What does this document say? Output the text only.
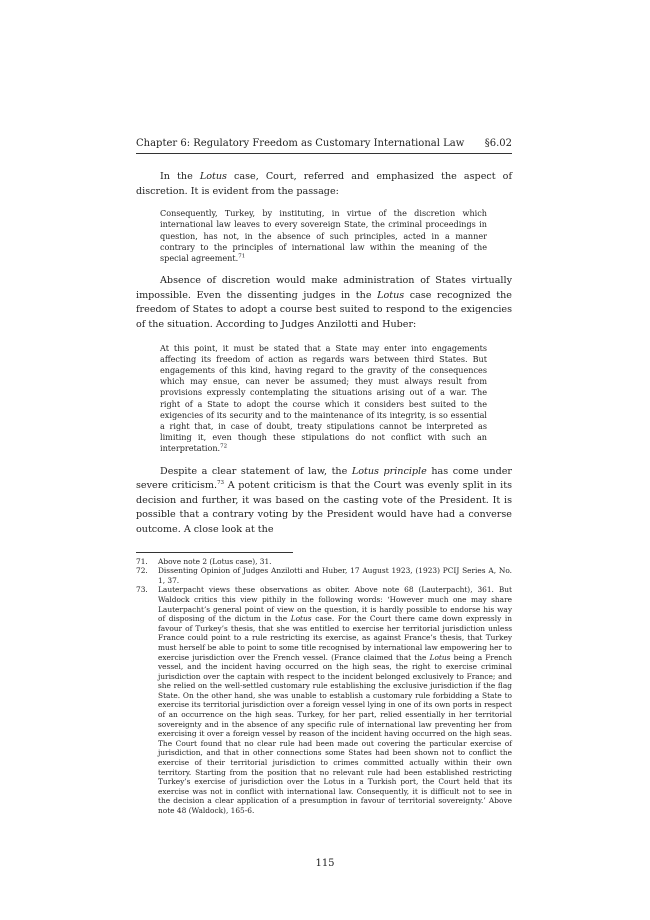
Chapter 6: Regulatory Freedom as Customary International Law §6.02

In the Lotus case, Court, referred and emphasized the aspect of discretion. It is evident from the passage:

Consequently, Turkey, by instituting, in virtue of the discretion which international law leaves to every sovereign State, the criminal proceedings in question, has not, in the absence of such principles, acted in a manner contrary to the principles of international law within the meaning of the special agreement.$^{71}$

Absence of discretion would make administration of States virtually impossible. Even the dissenting judges in the Lotus case recognized the freedom of States to adopt a course best suited to respond to the exigencies of the situation. According to Judges Anzilotti and Huber:

At this point, it must be stated that a State may enter into engagements affecting its freedom of action as regards wars between third States. But engagements of this kind, having regard to the gravity of the consequences which may ensue, can never be assumed; they must always result from provisions expressly contemplating the situations arising out of a war. The right of a State to adopt the course which it considers best suited to the exigencies of its security and to the maintenance of its integrity, is so essential a right that, in case of doubt, treaty stipulations cannot be interpreted as limiting it, even though these stipulations do not conflict with such an interpretation.$^{72}$

Despite a clear statement of law, the Lotus principle has come under severe criticism.$^{73}$ A potent criticism is that the Court was evenly split in its decision and further, it was based on the casting vote of the President. It is possible that a contrary voting by the President would have had a converse outcome. A close look at the

71.	Above note 2 (Lotus case), 31.
72.	Dissenting Opinion of Judges Anzilotti and Huber, 17 August 1923, (1923) PCIJ Series A, No. 1, 37.
73.	Lauterpacht views these observations as obiter. Above note 68 (Lauterpacht), 361. But Waldock critics this view pithily in the following words: ‘However much one may share Lauterpacht’s general point of view on the question, it is hardly possible to endorse his way of disposing of the dictum in the Lotus case. For the Court there came down expressly in favour of Turkey’s thesis, that she was entitled to exercise her territorial jurisdiction unless France could point to a rule restricting its exercise, as against France’s thesis, that Turkey must herself be able to point to some title recognised by international law empowering her to exercise jurisdiction over the French vessel. (France claimed that the Lotus being a French vessel, and the incident having occurred on the high seas, the right to exercise criminal jurisdiction over the captain with respect to the incident belonged exclusively to France; and she relied on the well-settled customary rule establishing the exclusive jurisdiction if the flag State. On the other hand, she was unable to establish a customary rule forbidding a State to exercise its territorial jurisdiction over a foreign vessel lying in one of its own ports in respect of an occurrence on the high seas. Turkey, for her part, relied essentially in her territorial sovereignty and in the absence of any specific rule of international law preventing her from exercising it over a foreign vessel by reason of the incident having occurred on the high seas. The Court found that no clear rule had been made out covering the particular exercise of jurisdiction, and that in other connections some States had been shown not to conflict the exercise of their territorial jurisdiction to crimes committed actually within their own territory. Starting from the position that no relevant rule had been established restricting Turkey’s exercise of jurisdiction over the Lotus in a Turkish port, the Court held that its exercise was not in conflict with international law. Consequently, it is difficult not to see in the decision a clear application of a presumption in favour of territorial sovereignty.’ Above note 48 (Waldock), 165-6.
115
